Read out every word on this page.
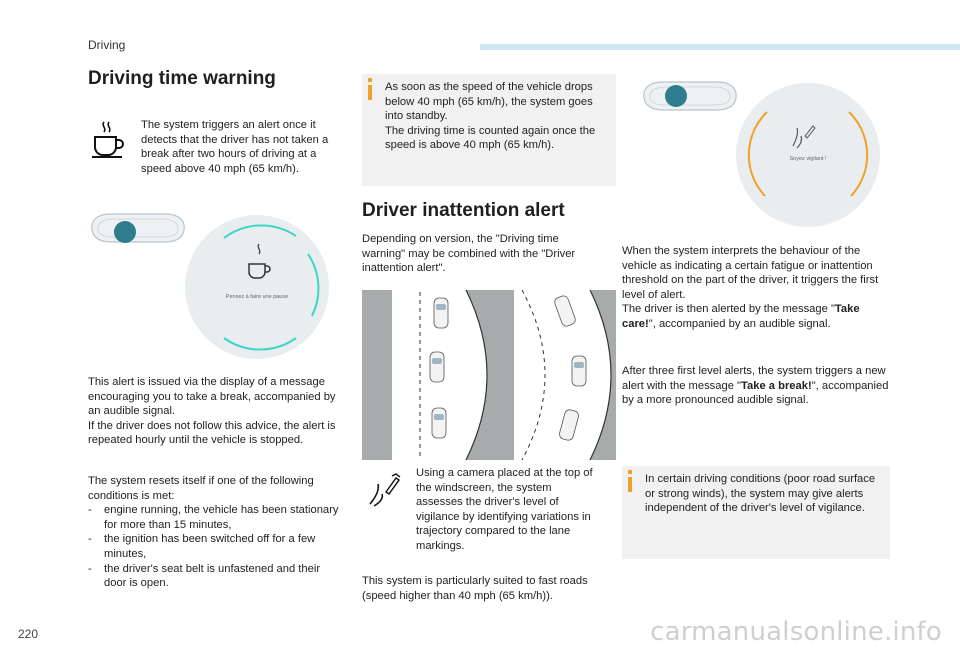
Driving
Driving time warning
The system triggers an alert once it detects that the driver has not taken a break after two hours of driving at a speed above 40 mph (65 km/h).
Pensez à faire une pause
This alert is issued via the display of a message encouraging you to take a break, accompanied by an audible signal.
If the driver does not follow this advice, the alert is repeated hourly until the vehicle is stopped.
The system resets itself if one of the following conditions is met:
- engine running, the vehicle has been stationary for more than 15 minutes,
- the ignition has been switched off for a few minutes,
- the driver's seat belt is unfastened and their door is open.
As soon as the speed of the vehicle drops below 40 mph (65 km/h), the system goes into standby.
The driving time is counted again once the speed is above 40 mph (65 km/h).
Driver inattention alert
Depending on version, the "Driving time warning" may be combined with the "Driver inattention alert".
Using a camera placed at the top of the windscreen, the system assesses the driver's level of vigilance by identifying variations in trajectory compared to the lane markings.
This system is particularly suited to fast roads (speed higher than 40 mph (65 km/h)).
Soyez vigilant !
When the system interprets the behaviour of the vehicle as indicating a certain fatigue or inattention threshold on the part of the driver, it triggers the first level of alert.
The driver is then alerted by the message "Take care!", accompanied by an audible signal.
After three first level alerts, the system triggers a new alert with the message "Take a break!", accompanied by a more pronounced audible signal.
In certain driving conditions (poor road surface or strong winds), the system may give alerts independent of the driver's level of vigilance.
220	carmanualsonline.info
